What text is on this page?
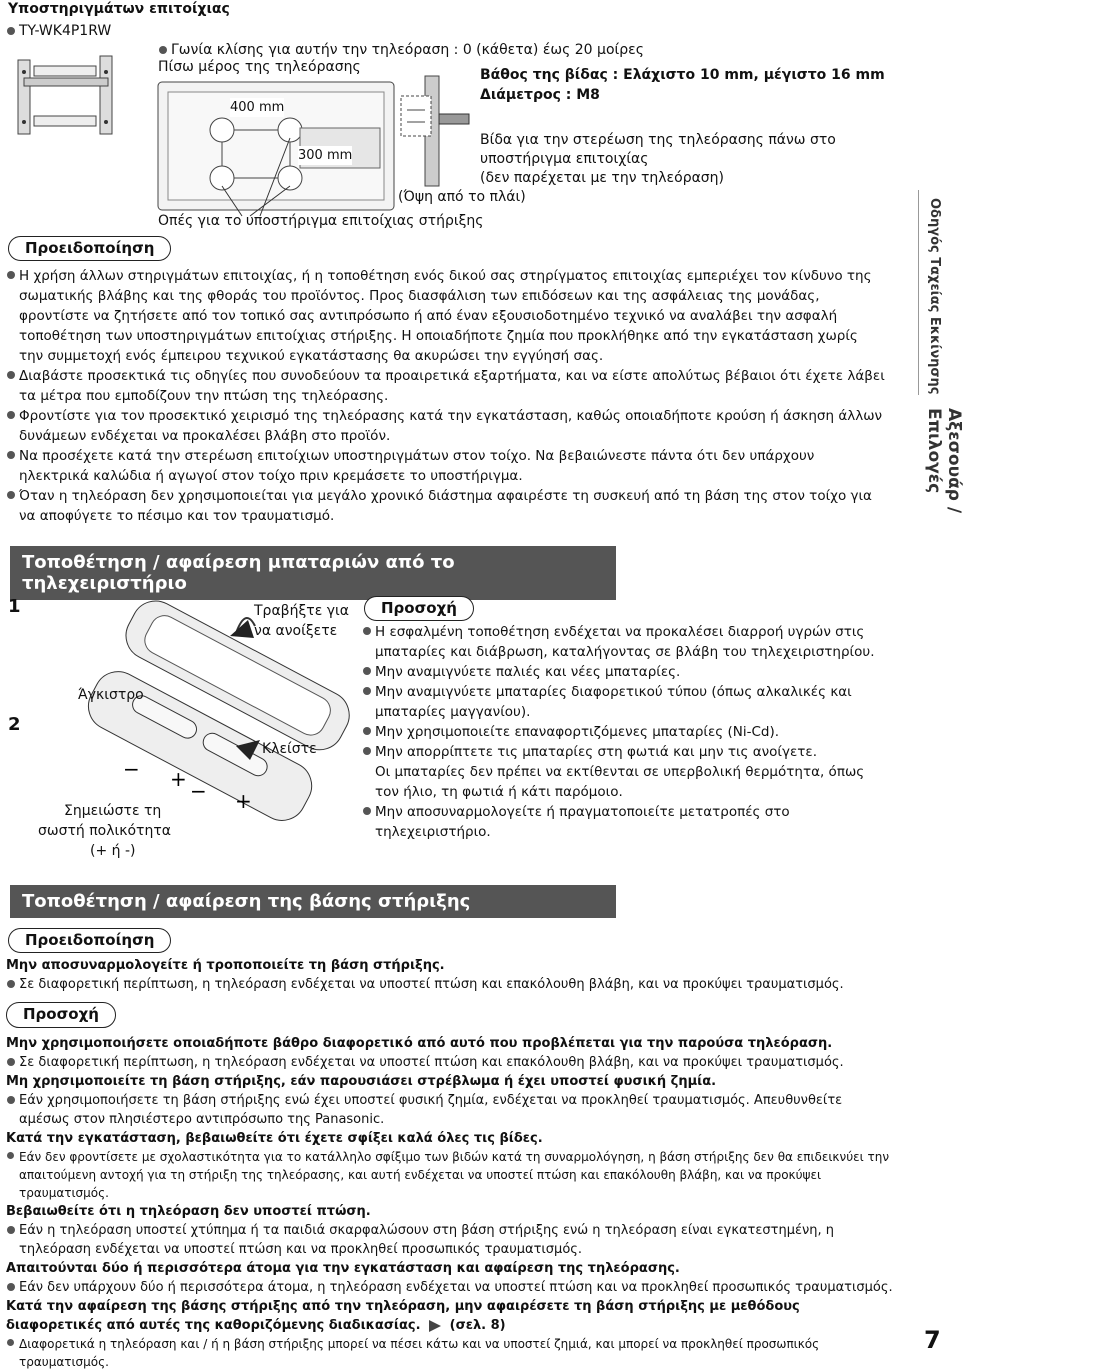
Υποστηριγμάτων επιτοίχιας
TY-WK4P1RW
Γωνία κλίσης για αυτήν την τηλεόραση : 0 (κάθετα) έως 20 μοίρες
Πίσω μέρος της τηλεόρασης
400 mm
300 mm
Οπές για το υποστήριγμα επιτοίχιας στήριξης
Βάθος της βίδας : Ελάχιστο 10 mm, μέγιστο 16 mm
Διάμετρος : M8
Βίδα για την στερέωση της τηλεόρασης πάνω στο
υποστήριγμα επιτοιχίας
(δεν παρέχεται με την τηλεόραση)
(Όψη από το πλάι)
Προειδοποίηση
Η χρήση άλλων στηριγμάτων επιτοιχίας, ή η τοποθέτηση ενός δικού σας στηρίγματος επιτοιχίας εμπεριέχει τον κίνδυνο της σωματικής βλάβης και της φθοράς του προϊόντος. Προς διασφάλιση των επιδόσεων και της ασφάλειας της μονάδας, φροντίστε να ζητήσετε από τον τοπικό σας αντιπρόσωπο ή από έναν εξουσιοδοτημένο τεχνικό να αναλάβει την ασφαλή τοποθέτηση των υποστηριγμάτων επιτοίχιας στήριξης. Η οποιαδήποτε ζημία που προκλήθηκε από την εγκατάσταση χωρίς την συμμετοχή ενός έμπειρου τεχνικού εγκατάστασης θα ακυρώσει την εγγύησή σας.
Διαβάστε προσεκτικά τις οδηγίες που συνοδεύουν τα προαιρετικά εξαρτήματα, και να είστε απολύτως βέβαιοι ότι έχετε λάβει τα μέτρα που εμποδίζουν την πτώση της τηλεόρασης.
Φροντίστε για τον προσεκτικό χειρισμό της τηλεόρασης κατά την εγκατάσταση, καθώς οποιαδήποτε κρούση ή άσκηση άλλων δυνάμεων ενδέχεται να προκαλέσει βλάβη στο προϊόν.
Να προσέχετε κατά την στερέωση επιτοίχιων υποστηριγμάτων στον τοίχο. Να βεβαιώνεστε πάντα ότι δεν υπάρχουν ηλεκτρικά καλώδια ή αγωγοί στον τοίχο πριν κρεμάσετε το υποστήριγμα.
Όταν η τηλεόραση δεν χρησιμοποιείται για μεγάλο χρονικό διάστημα αφαιρέστε τη συσκευή από τη βάση της στον τοίχο για να αποφύγετε το πέσιμο και τον τραυματισμό.
Τοποθέτηση / αφαίρεση μπαταριών από το τηλεχειριστήριο
1
2
− + − +
Τραβήξτε για
να ανοίξετε
Άγκιστρο
Κλείστε
Σημειώστε τη
σωστή πολικότητα
(+ ή -)
Προσοχή
Η εσφαλμένη τοποθέτηση ενδέχεται να προκαλέσει διαρροή υγρών στις μπαταρίες και διάβρωση, καταλήγοντας σε βλάβη του τηλεχειριστηρίου.
Μην αναμιγνύετε παλιές και νέες μπαταρίες.
Μην αναμιγνύετε μπαταρίες διαφορετικού τύπου (όπως αλκαλικές και μπαταρίες μαγγανίου).
Μην χρησιμοποιείτε επαναφορτιζόμενες μπαταρίες (Ni-Cd).
Μην απορρίπτετε τις μπαταρίες στη φωτιά και μην τις ανοίγετε.
Οι μπαταρίες δεν πρέπει να εκτίθενται σε υπερβολική θερμότητα, όπως τον ήλιο, τη φωτιά ή κάτι παρόμοιο.
Μην αποσυναρμολογείτε ή πραγματοποιείτε μετατροπές στο τηλεχειριστήριο.
Τοποθέτηση / αφαίρεση της βάσης στήριξης
Προειδοποίηση
Μην αποσυναρμολογείτε ή τροποποιείτε τη βάση στήριξης.
Σε διαφορετική περίπτωση, η τηλεόραση ενδέχεται να υποστεί πτώση και επακόλουθη βλάβη, και να προκύψει τραυματισμός.
Προσοχή
Μην χρησιμοποιήσετε οποιαδήποτε βάθρο διαφορετικό από αυτό που προβλέπεται για την παρούσα τηλεόραση.
Σε διαφορετική περίπτωση, η τηλεόραση ενδέχεται να υποστεί πτώση και επακόλουθη βλάβη, και να προκύψει τραυματισμός.
Μη χρησιμοποιείτε τη βάση στήριξης, εάν παρουσιάσει στρέβλωμα ή έχει υποστεί φυσική ζημία.
Εάν χρησιμοποιήσετε τη βάση στήριξης ενώ έχει υποστεί φυσική ζημία, ενδέχεται να προκληθεί τραυματισμός. Απευθυνθείτε αμέσως στον πλησιέστερο αντιπρόσωπο της Panasonic.
Κατά την εγκατάσταση, βεβαιωθείτε ότι έχετε σφίξει καλά όλες τις βίδες.
Εάν δεν φροντίσετε με σχολαστικότητα για το κατάλληλο σφίξιμο των βιδών κατά τη συναρμολόγηση, η βάση στήριξης δεν θα επιδεικνύει την απαιτούμενη αντοχή για τη στήριξη της τηλεόρασης, και αυτή ενδέχεται να υποστεί πτώση και επακόλουθη βλάβη, και να προκύψει τραυματισμός.
Βεβαιωθείτε ότι η τηλεόραση δεν υποστεί πτώση.
Εάν η τηλεόραση υποστεί χτύπημα ή τα παιδιά σκαρφαλώσουν στη βάση στήριξης ενώ η τηλεόραση είναι εγκατεστημένη, η τηλεόραση ενδέχεται να υποστεί πτώση και να προκληθεί προσωπικός τραυματισμός.
Απαιτούνται δύο ή περισσότερα άτομα για την εγκατάσταση και αφαίρεση της τηλεόρασης.
Εάν δεν υπάρχουν δύο ή περισσότερα άτομα, η τηλεόραση ενδέχεται να υποστεί πτώση και να προκληθεί προσωπικός τραυματισμός.
Κατά την αφαίρεση της βάσης στήριξης από την τηλεόραση, μην αφαιρέσετε τη βάση στήριξης με μεθόδους
διαφορετικές από αυτές της καθοριζόμενης διαδικασίας. (σελ. 8)
Διαφορετικά η τηλεόραση και / ή η βάση στήριξης μπορεί να πέσει κάτω και να υποστεί ζημιά, και μπορεί να προκληθεί προσωπικός τραυματισμός.
Οδηγός Ταχείας Εκκίνησης
Αξεσουάρ / Επιλογές
7
